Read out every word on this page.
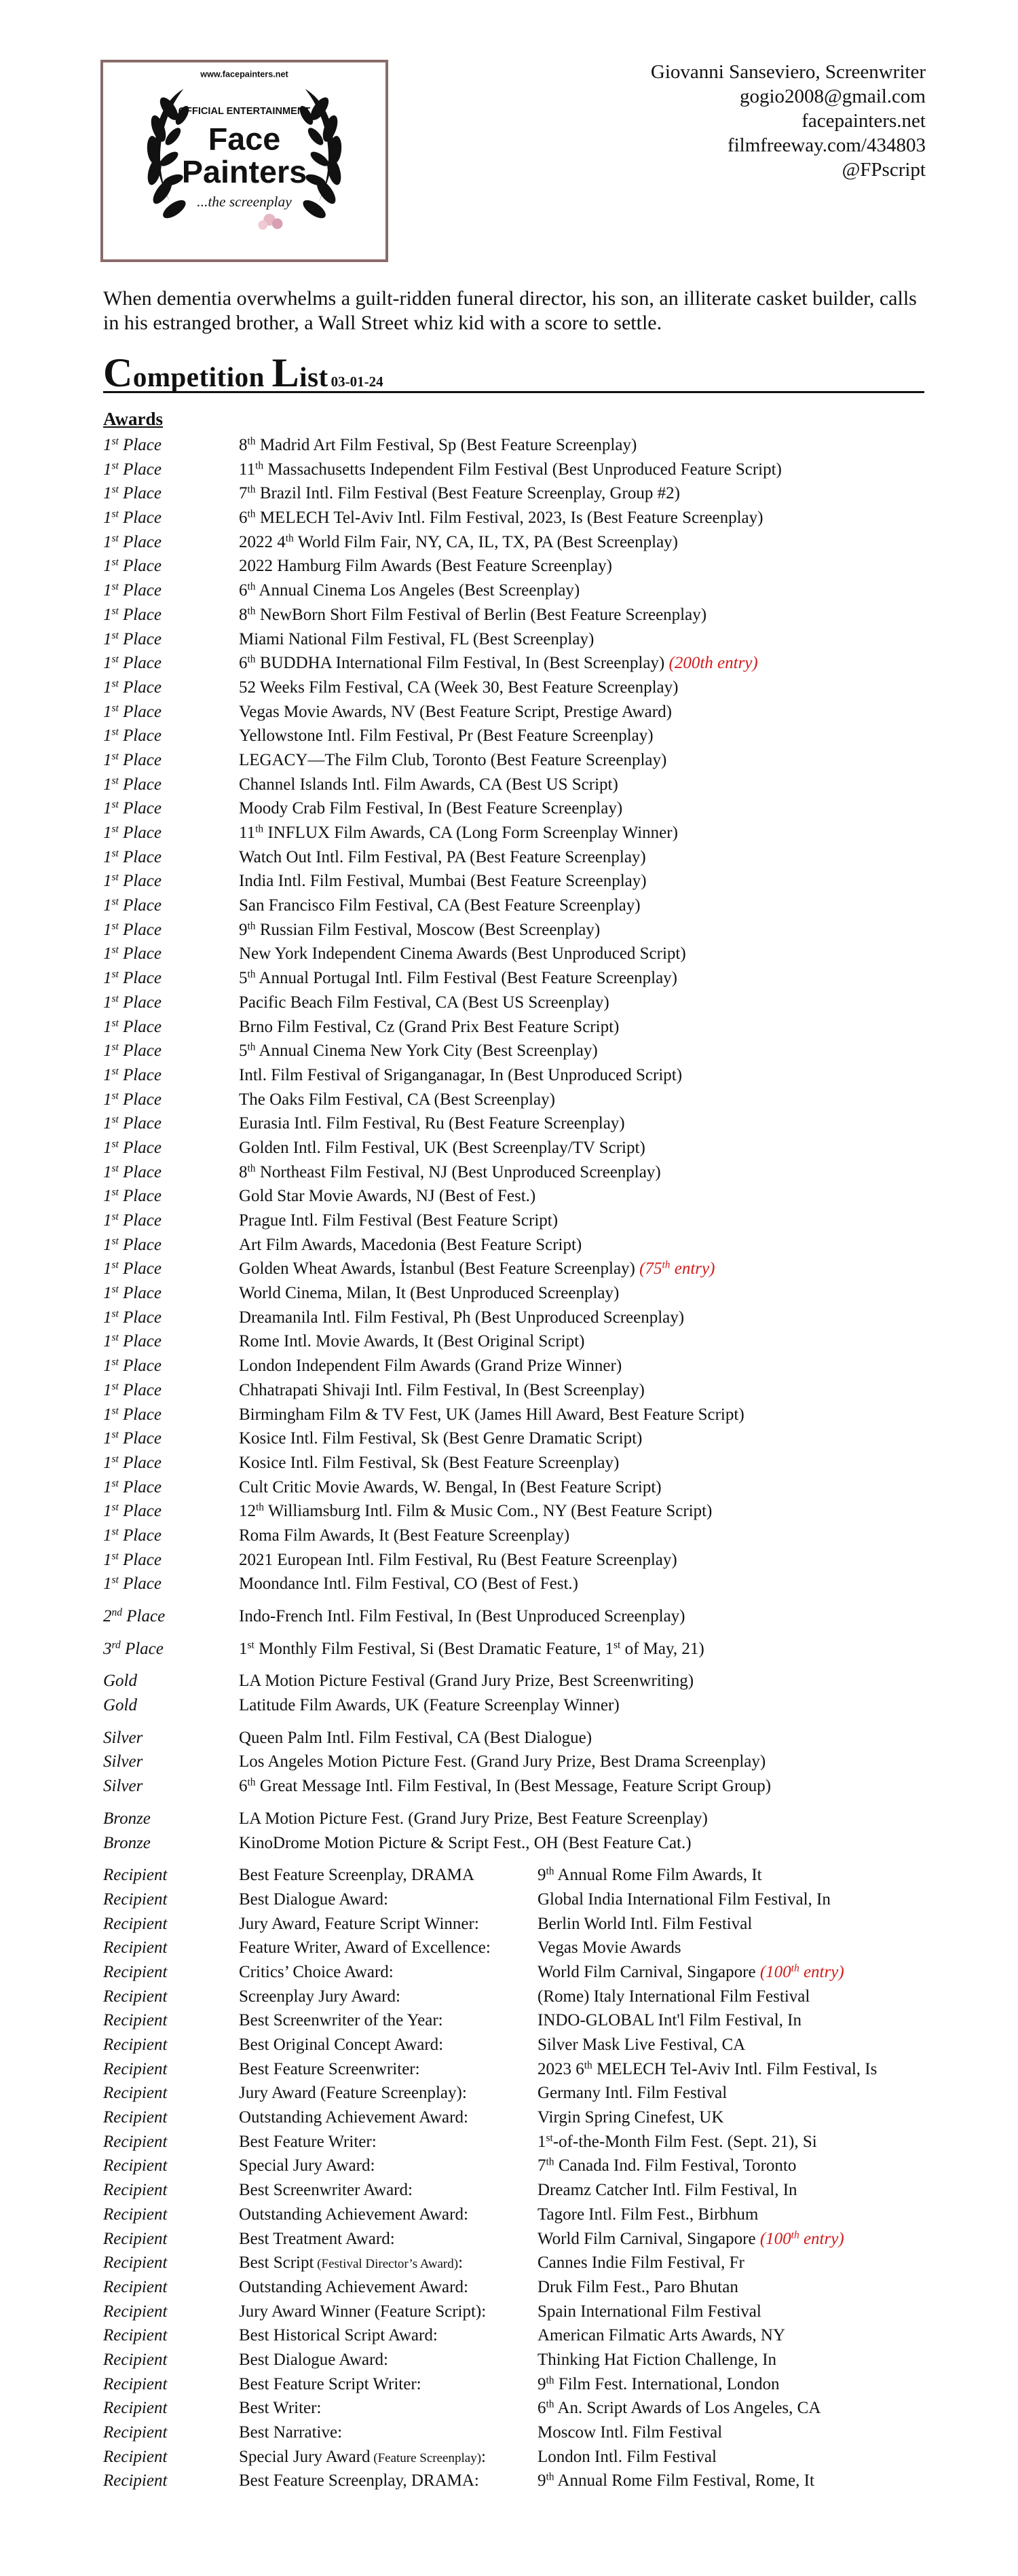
www.facepainters.net
OFFICIAL ENTERTAINMENT
Face
Painters
...the screenplay
Giovanni Sanseviero, Screenwriter
gogio2008@gmail.com
facepainters.net
filmfreeway.com/434803
@FPscript

When dementia overwhelms a guilt-ridden funeral director, his son, an illiterate casket builder, calls in his estranged brother, a Wall Street whiz kid with a score to settle.

Competition List 03-01-24
Awards
1st Place	8th Madrid Art Film Festival, Sp (Best Feature Screenplay)
1st Place	11th Massachusetts Independent Film Festival (Best Unproduced Feature Script)
1st Place	7th Brazil Intl. Film Festival (Best Feature Screenplay, Group #2)
1st Place	6th MELECH Tel-Aviv Intl. Film Festival, 2023, Is (Best Feature Screenplay)
1st Place	2022 4th World Film Fair, NY, CA, IL, TX, PA (Best Screenplay)
1st Place	2022 Hamburg Film Awards (Best Feature Screenplay)
1st Place	6th Annual Cinema Los Angeles (Best Screenplay)
1st Place	8th NewBorn Short Film Festival of Berlin (Best Feature Screenplay)
1st Place	Miami National Film Festival, FL (Best Screenplay)
1st Place	6th BUDDHA International Film Festival, In (Best Screenplay) (200th entry)
1st Place	52 Weeks Film Festival, CA (Week 30, Best Feature Screenplay)
1st Place	Vegas Movie Awards, NV (Best Feature Script, Prestige Award)
1st Place	Yellowstone Intl. Film Festival, Pr (Best Feature Screenplay)
1st Place	LEGACY—The Film Club, Toronto (Best Feature Screenplay)
1st Place	Channel Islands Intl. Film Awards, CA (Best US Script)
1st Place	Moody Crab Film Festival, In (Best Feature Screenplay)
1st Place	11th INFLUX Film Awards, CA (Long Form Screenplay Winner)
1st Place	Watch Out Intl. Film Festival, PA (Best Feature Screenplay)
1st Place	India Intl. Film Festival, Mumbai (Best Feature Screenplay)
1st Place	San Francisco Film Festival, CA (Best Feature Screenplay)
1st Place	9th Russian Film Festival, Moscow (Best Screenplay)
1st Place	New York Independent Cinema Awards (Best Unproduced Script)
1st Place	5th Annual Portugal Intl. Film Festival (Best Feature Screenplay)
1st Place	Pacific Beach Film Festival, CA (Best US Screenplay)
1st Place	Brno Film Festival, Cz (Grand Prix Best Feature Script)
1st Place	5th Annual Cinema New York City (Best Screenplay)
1st Place	Intl. Film Festival of Sriganganagar, In (Best Unproduced Script)
1st Place	The Oaks Film Festival, CA (Best Screenplay)
1st Place	Eurasia Intl. Film Festival, Ru (Best Feature Screenplay)
1st Place	Golden Intl. Film Festival, UK (Best Screenplay/TV Script)
1st Place	8th Northeast Film Festival, NJ (Best Unproduced Screenplay)
1st Place	Gold Star Movie Awards, NJ (Best of Fest.)
1st Place	Prague Intl. Film Festival (Best Feature Script)
1st Place	Art Film Awards, Macedonia (Best Feature Script)
1st Place	Golden Wheat Awards, İstanbul (Best Feature Screenplay) (75th entry)
1st Place	World Cinema, Milan, It (Best Unproduced Screenplay)
1st Place	Dreamanila Intl. Film Festival, Ph (Best Unproduced Screenplay)
1st Place	Rome Intl. Movie Awards, It (Best Original Script)
1st Place	London Independent Film Awards (Grand Prize Winner)
1st Place	Chhatrapati Shivaji Intl. Film Festival, In (Best Screenplay)
1st Place	Birmingham Film & TV Fest, UK (James Hill Award, Best Feature Script)
1st Place	Kosice Intl. Film Festival, Sk (Best Genre Dramatic Script)
1st Place	Kosice Intl. Film Festival, Sk (Best Feature Screenplay)
1st Place	Cult Critic Movie Awards, W. Bengal, In (Best Feature Script)
1st Place	12th Williamsburg Intl. Film & Music Com., NY (Best Feature Script)
1st Place	Roma Film Awards, It (Best Feature Screenplay)
1st Place	2021 European Intl. Film Festival, Ru (Best Feature Screenplay)
1st Place	Moondance Intl. Film Festival, CO (Best of Fest.)
2nd Place	Indo-French Intl. Film Festival, In (Best Unproduced Screenplay)
3rd Place	1st Monthly Film Festival, Si (Best Dramatic Feature, 1st of May, 21)
Gold	LA Motion Picture Festival (Grand Jury Prize, Best Screenwriting)
Gold	Latitude Film Awards, UK (Feature Screenplay Winner)
Silver	Queen Palm Intl. Film Festival, CA (Best Dialogue)
Silver	Los Angeles Motion Picture Fest. (Grand Jury Prize, Best Drama Screenplay)
Silver	6th Great Message Intl. Film Festival, In (Best Message, Feature Script Group)
Bronze	LA Motion Picture Fest. (Grand Jury Prize, Best Feature Screenplay)
Bronze	KinoDrome Motion Picture & Script Fest., OH (Best Feature Cat.)
Recipient	Best Feature Screenplay, DRAMA	9th Annual Rome Film Awards, It
Recipient	Best Dialogue Award:	Global India International Film Festival, In
Recipient	Jury Award, Feature Script Winner:	Berlin World Intl. Film Festival
Recipient	Feature Writer, Award of Excellence:	Vegas Movie Awards
Recipient	Critics’ Choice Award:	World Film Carnival, Singapore (100th entry)
Recipient	Screenplay Jury Award:	(Rome) Italy International Film Festival
Recipient	Best Screenwriter of the Year:	INDO-GLOBAL Int'l Film Festival, In
Recipient	Best Original Concept Award:	Silver Mask Live Festival, CA
Recipient	Best Feature Screenwriter:	2023 6th MELECH Tel-Aviv Intl. Film Festival, Is
Recipient	Jury Award (Feature Screenplay):	Germany Intl. Film Festival
Recipient	Outstanding Achievement Award:	Virgin Spring Cinefest, UK
Recipient	Best Feature Writer:	1st-of-the-Month Film Fest. (Sept. 21), Si
Recipient	Special Jury Award:	7th Canada Ind. Film Festival, Toronto
Recipient	Best Screenwriter Award:	Dreamz Catcher Intl. Film Festival, In
Recipient	Outstanding Achievement Award:	Tagore Intl. Film Fest., Birbhum
Recipient	Best Treatment Award:	World Film Carnival, Singapore (100th entry)
Recipient	Best Script (Festival Director’s Award):	Cannes Indie Film Festival, Fr
Recipient	Outstanding Achievement Award:	Druk Film Fest., Paro Bhutan
Recipient	Jury Award Winner (Feature Script):	Spain International Film Festival
Recipient	Best Historical Script Award:	American Filmatic Arts Awards, NY
Recipient	Best Dialogue Award:	Thinking Hat Fiction Challenge, In
Recipient	Best Feature Script Writer:	9th Film Fest. International, London
Recipient	Best Writer:	6th An. Script Awards of Los Angeles, CA
Recipient	Best Narrative:	Moscow Intl. Film Festival
Recipient	Special Jury Award (Feature Screenplay):	London Intl. Film Festival
Recipient	Best Feature Screenplay, DRAMA:	9th Annual Rome Film Festival, Rome, It
